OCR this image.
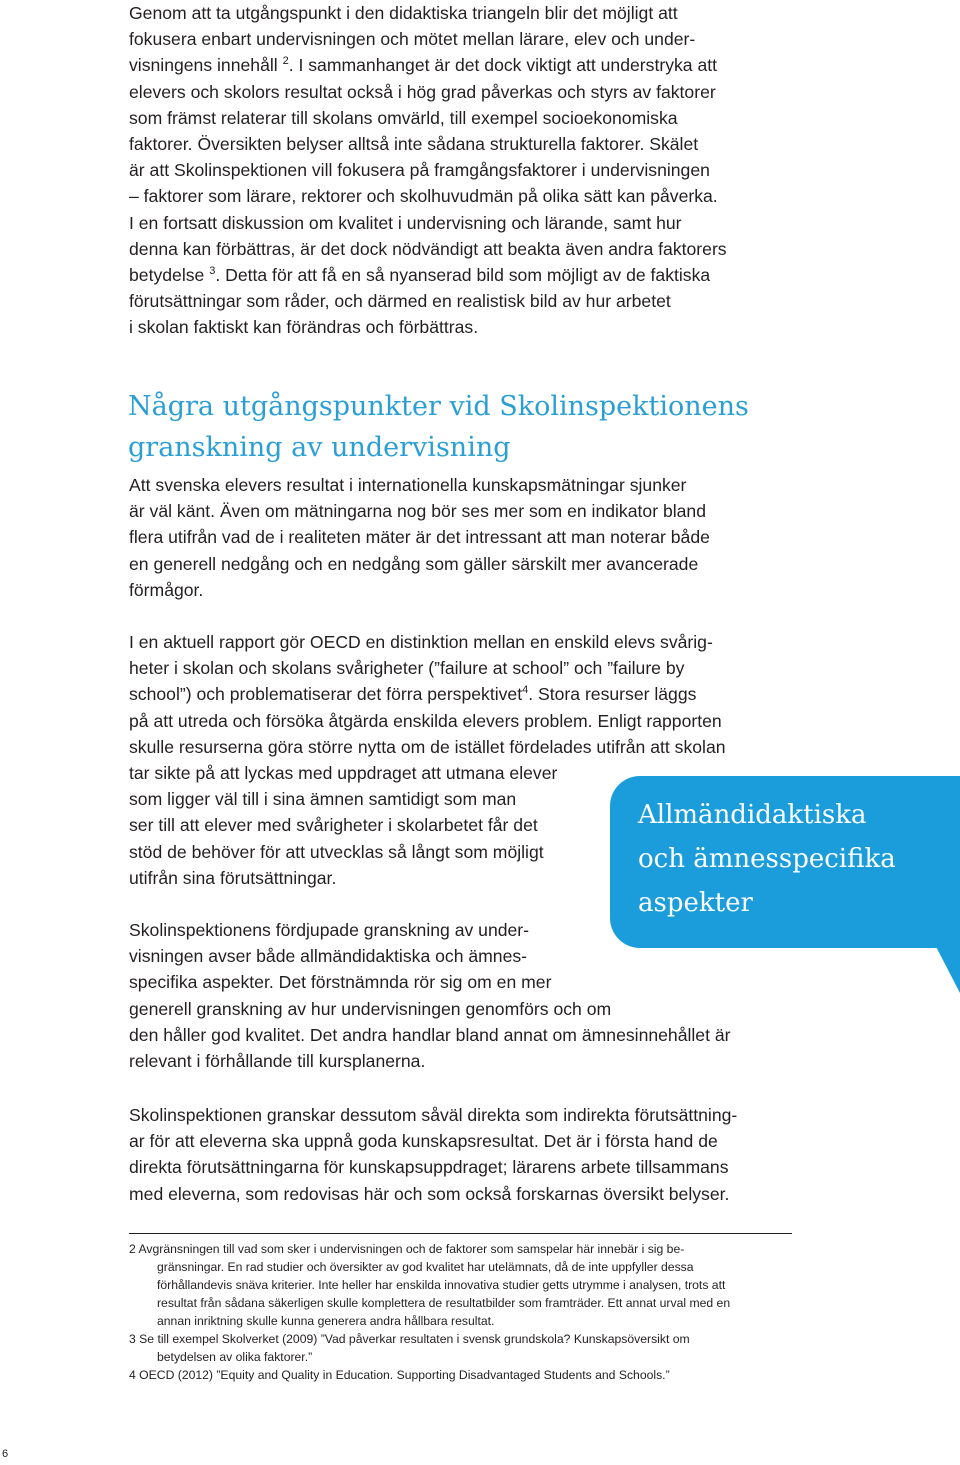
Genom att ta utgångspunkt i den didaktiska triangeln blir det möjligt att
fokusera enbart undervisningen och mötet mellan lärare, elev och under-
visningens innehåll $^2$. I sammanhanget är det dock viktigt att understryka att
elevers och skolors resultat också i hög grad påverkas och styrs av faktorer
som främst relaterar till skolans omvärld, till exempel socioekonomiska
faktorer. Översikten belyser alltså inte sådana strukturella faktorer. Skälet
är att Skolinspektionen vill fokusera på framgångsfaktorer i undervisningen
– faktorer som lärare, rektorer och skolhuvudmän på olika sätt kan påverka.
I en fortsatt diskussion om kvalitet i undervisning och lärande, samt hur
denna kan förbättras, är det dock nödvändigt att beakta även andra faktorers
betydelse $^3$. Detta för att få en så nyanserad bild som möjligt av de faktiska
förutsättningar som råder, och därmed en realistisk bild av hur arbetet
i skolan faktiskt kan förändras och förbättras.
Några utgångspunkter vid Skolinspektionens
granskning av undervisning
Att svenska elevers resultat i internationella kunskapsmätningar sjunker
är väl känt. Även om mätningarna nog bör ses mer som en indikator bland
flera utifrån vad de i realiteten mäter är det intressant att man noterar både
en generell nedgång och en nedgång som gäller särskilt mer avancerade
förmågor.
I en aktuell rapport gör OECD en distinktion mellan en enskild elevs svårig-
heter i skolan och skolans svårigheter (”failure at school” och ”failure by
school”) och problematiserar det förra perspektivet$^4$. Stora resurser läggs
på att utreda och försöka åtgärda enskilda elevers problem. Enligt rapporten
skulle resurserna göra större nytta om de istället fördelades utifrån att skolan
tar sikte på att lyckas med uppdraget att utmana elever
som ligger väl till i sina ämnen samtidigt som man
ser till att elever med svårigheter i skolarbetet får det
stöd de behöver för att utvecklas så långt som möjligt
utifrån sina förutsättningar.
Allmändidaktiska
och ämnesspecifika
aspekter
Skolinspektionens fördjupade granskning av under-
visningen avser både allmändidaktiska och ämnes-
specifika aspekter. Det förstnämnda rör sig om en mer
generell granskning av hur undervisningen genomförs och om
den håller god kvalitet. Det andra handlar bland annat om ämnesinnehållet är
relevant i förhållande till kursplanerna.
Skolinspektionen granskar dessutom såväl direkta som indirekta förutsättning-
ar för att eleverna ska uppnå goda kunskapsresultat. Det är i första hand de
direkta förutsättningarna för kunskapsuppdraget; lärarens arbete tillsammans
med eleverna, som redovisas här och som också forskarnas översikt belyser.
2 Avgränsningen till vad som sker i undervisningen och de faktorer som samspelar här innebär i sig be-
gränsningar. En rad studier och översikter av god kvalitet har utelämnats, då de inte uppfyller dessa
förhållandevis snäva kriterier. Inte heller har enskilda innovativa studier getts utrymme i analysen, trots att
resultat från sådana säkerligen skulle komplettera de resultatbilder som framträder. Ett annat urval med en
annan inriktning skulle kunna generera andra hållbara resultat.
3 Se till exempel Skolverket (2009) ”Vad påverkar resultaten i svensk grundskola? Kunskapsöversikt om
betydelsen av olika faktorer.”
4 OECD (2012) ”Equity and Quality in Education. Supporting Disadvantaged Students and Schools.”
6
